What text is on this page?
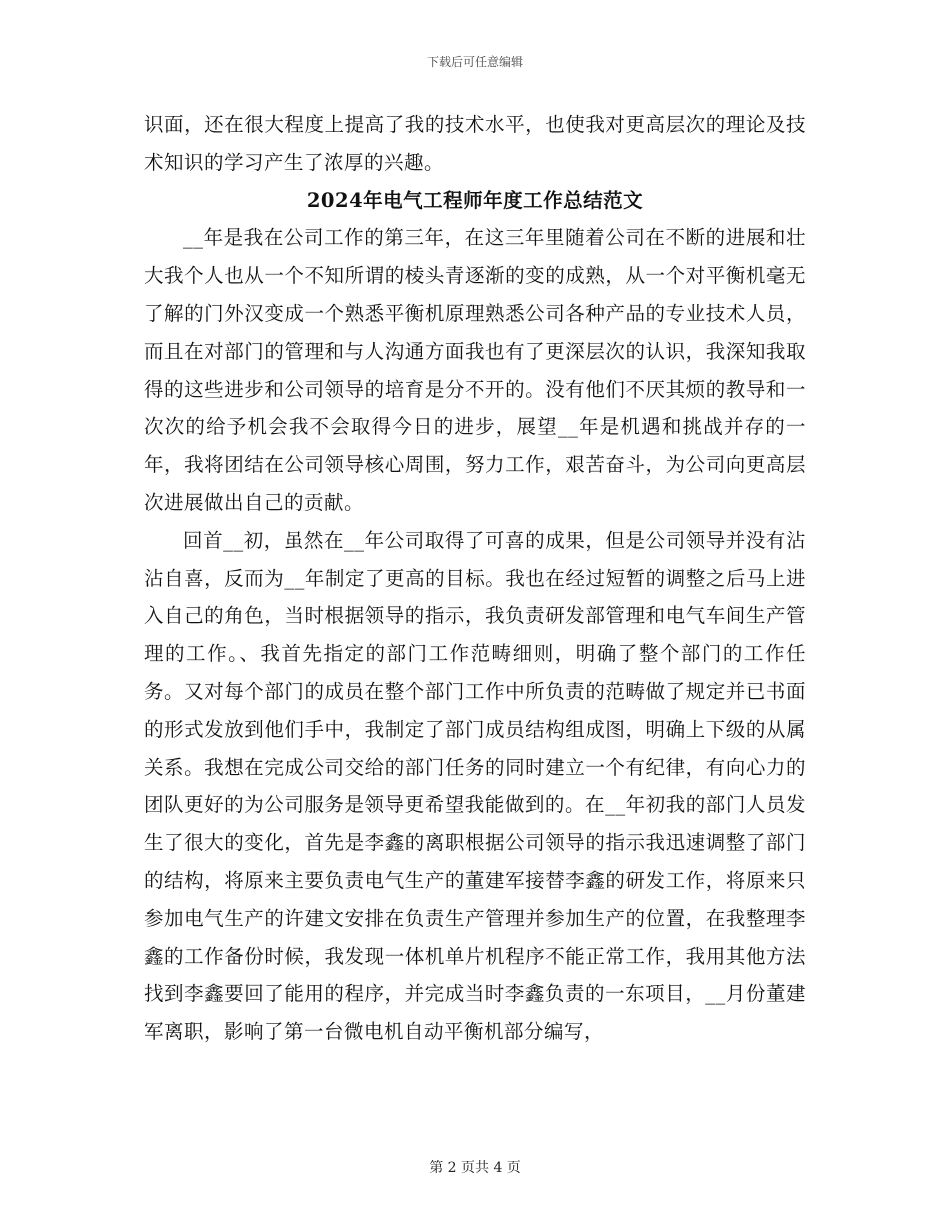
下载后可任意编辑

识面，还在很大程度上提高了我的技术水平，也使我对更高层次的理论及技术知识的学习产生了浓厚的兴趣。

2024年电气工程师年度工作总结范文

__年是我在公司工作的第三年，在这三年里随着公司在不断的进展和壮大我个人也从一个不知所谓的棱头青逐渐的变的成熟，从一个对平衡机毫无了解的门外汉变成一个熟悉平衡机原理熟悉公司各种产品的专业技术人员，而且在对部门的管理和与人沟通方面我也有了更深层次的认识，我深知我取得的这些进步和公司领导的培育是分不开的。没有他们不厌其烦的教导和一次次的给予机会我不会取得今日的进步，展望__年是机遇和挑战并存的一年，我将团结在公司领导核心周围，努力工作，艰苦奋斗，为公司向更高层次进展做出自己的贡献。

回首__初，虽然在__年公司取得了可喜的成果，但是公司领导并没有沾沾自喜，反而为__年制定了更高的目标。我也在经过短暂的调整之后马上进入自己的角色，当时根据领导的指示，我负责研发部管理和电气车间生产管理的工作。、我首先指定的部门工作范畴细则，明确了整个部门的工作任务。又对每个部门的成员在整个部门工作中所负责的范畴做了规定并已书面的形式发放到他们手中，我制定了部门成员结构组成图，明确上下级的从属关系。我想在完成公司交给的部门任务的同时建立一个有纪律，有向心力的团队更好的为公司服务是领导更希望我能做到的。在__年初我的部门人员发生了很大的变化，首先是李鑫的离职根据公司领导的指示我迅速调整了部门的结构，将原来主要负责电气生产的董建军接替李鑫的研发工作，将原来只参加电气生产的许建文安排在负责生产管理并参加生产的位置，在我整理李鑫的工作备份时候，我发现一体机单片机程序不能正常工作，我用其他方法找到李鑫要回了能用的程序，并完成当时李鑫负责的一东项目，__月份董建军离职，影响了第一台微电机自动平衡机部分编写，

第 2 页共 4 页
